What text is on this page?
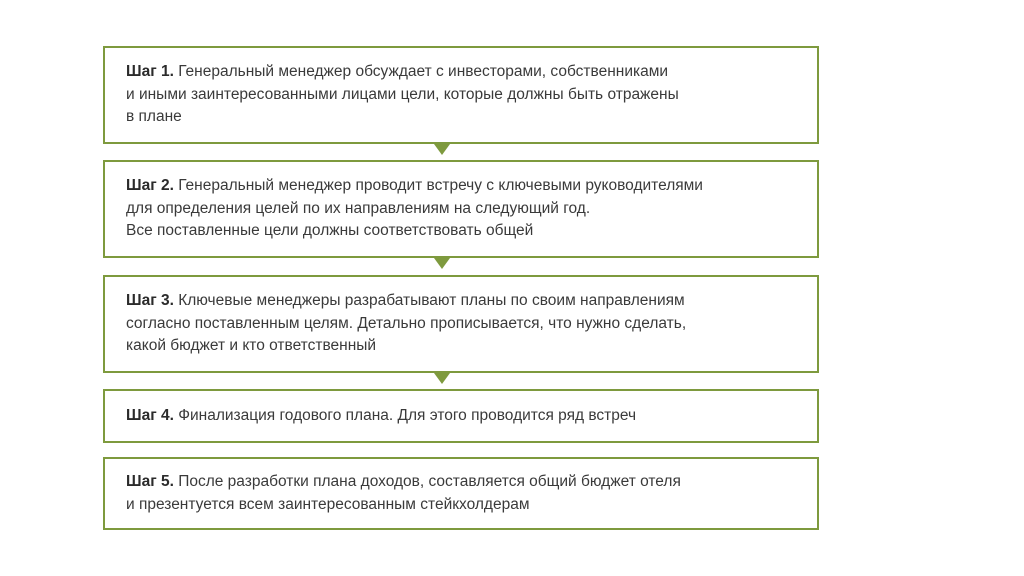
Шаг 1. Генеральный менеджер обсуждает с инвесторами, собственниками
и иными заинтересованными лицами цели, которые должны быть отражены
в плане

Шаг 2. Генеральный менеджер проводит встречу с ключевыми руководителями
для определения целей по их направлениям на следующий год.
Все поставленные цели должны соответствовать общей

Шаг 3. Ключевые менеджеры разрабатывают планы по своим направлениям
согласно поставленным целям. Детально прописывается, что нужно сделать,
какой бюджет и кто ответственный

Шаг 4. Финализация годового плана. Для этого проводится ряд встреч

Шаг 5. После разработки плана доходов, составляется общий бюджет отеля
и презентуется всем заинтересованным стейкхолдерам
